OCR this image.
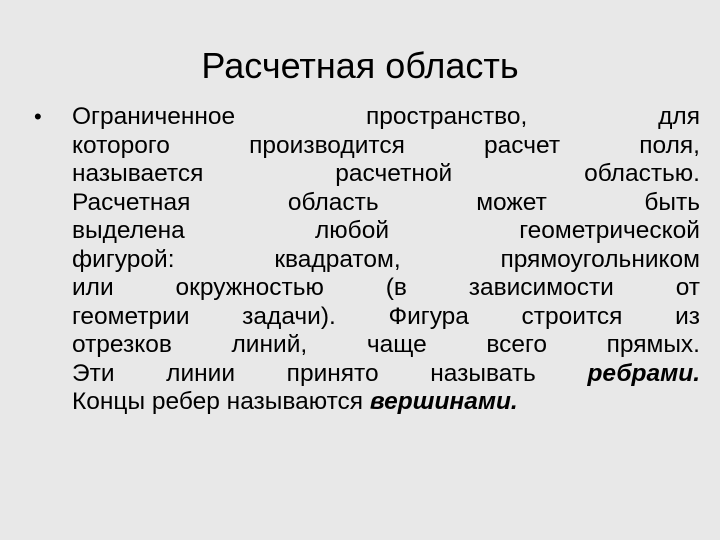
Расчетная область
• Ограниченное пространство, для
которого производится расчет поля,
называется расчетной областью.
Расчетная область может быть
выделена любой геометрической
фигурой: квадратом, прямоугольником
или окружностью (в зависимости от
геометрии задачи). Фигура строится из
отрезков линий, чаще всего прямых.
Эти линии принято называть ребрами.
Концы ребер называются вершинами.
